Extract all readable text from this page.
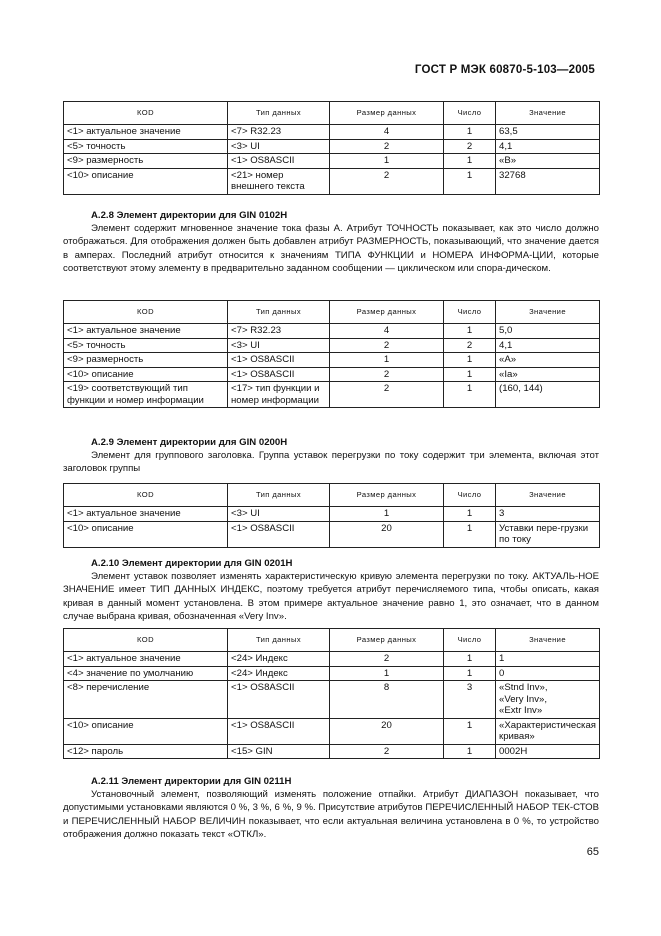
ГОСТ Р МЭК 60870-5-103—2005
КОD	Тип данных	Размер данных	Число	Значение
<1> актуальное значение	<7> R32.23	4	1	63,5
<5> точность	<3> UI	2	2	4,1
<9> размерность	<1> OS8ASCII	1	1	«В»
<10> описание	<21> номер внешнего текста	2	1	32768
А.2.8 Элемент директории для GIN 0102H

Элемент содержит мгновенное значение тока фазы А. Атрибут ТОЧНОСТЬ показывает, как это число должно отображаться. Для отображения должен быть добавлен атрибут РАЗМЕРНОСТЬ, показывающий, что значение дается в амперах. Последний атрибут относится к значениям ТИПА ФУНКЦИИ и НОМЕРА ИНФОРМА-ЦИИ, которые соответствуют этому элементу в предварительно заданном сообщении — циклическом или спора-дическом.

КОD	Тип данных	Размер данных	Число	Значение
<1> актуальное значение	<7> R32.23	4	1	5,0
<5> точность	<3> UI	2	2	4,1
<9> размерность	<1> OS8ASCII	1	1	«А»
<10> описание	<1> OS8ASCII	2	1	«Ia»
<19> соответствующий тип функции и номер информации	<17> тип функции и номер информации	2	1	(160, 144)
А.2.9 Элемент директории для GIN 0200H

Элемент для группового заголовка. Группа уставок перегрузки по току содержит три элемента, включая этот заголовок группы

КОD	Тип данных	Размер данных	Число	Значение
<1> актуальное значение	<3> UI	1	1	3
<10> описание	<1> OS8ASCII	20	1	Уставки пере-грузки по току
А.2.10 Элемент директории для GIN 0201H

Элемент уставок позволяет изменять характеристическую кривую элемента перегрузки по току. АКТУАЛЬ-НОЕ ЗНАЧЕНИЕ имеет ТИП ДАННЫХ ИНДЕКС, поэтому требуется атрибут перечисляемого типа, чтобы описать, какая кривая в данный момент установлена. В этом примере актуальное значение равно 1, это означает, что в данном случае выбрана кривая, обозначенная «Very Inv».

КОD	Тип данных	Размер данных	Число	Значение
<1> актуальное значение	<24> Индекс	2	1	1
<4> значение по умолчанию	<24> Индекс	1	1	0
<8> перечисление	<1> OS8ASCII	8	3	«Stnd Inv»,
«Very Inv»,
«Extr Inv»
<10> описание	<1> OS8ASCII	20	1	«Характеристическая кривая»
<12> пароль	<15> GIN	2	1	0002H
А.2.11 Элемент директории для GIN 0211H

Установочный элемент, позволяющий изменять положение отпайки. Атрибут ДИАПАЗОН показывает, что допустимыми установками являются 0 %, 3 %, 6 %, 9 %. Присутствие атрибутов ПЕРЕЧИСЛЕННЫЙ НАБОР ТЕК-СТОВ и ПЕРЕЧИСЛЕННЫЙ НАБОР ВЕЛИЧИН показывает, что если актуальная величина установлена в 0 %, то устройство отображения должно показать текст «ОТКЛ».

65
